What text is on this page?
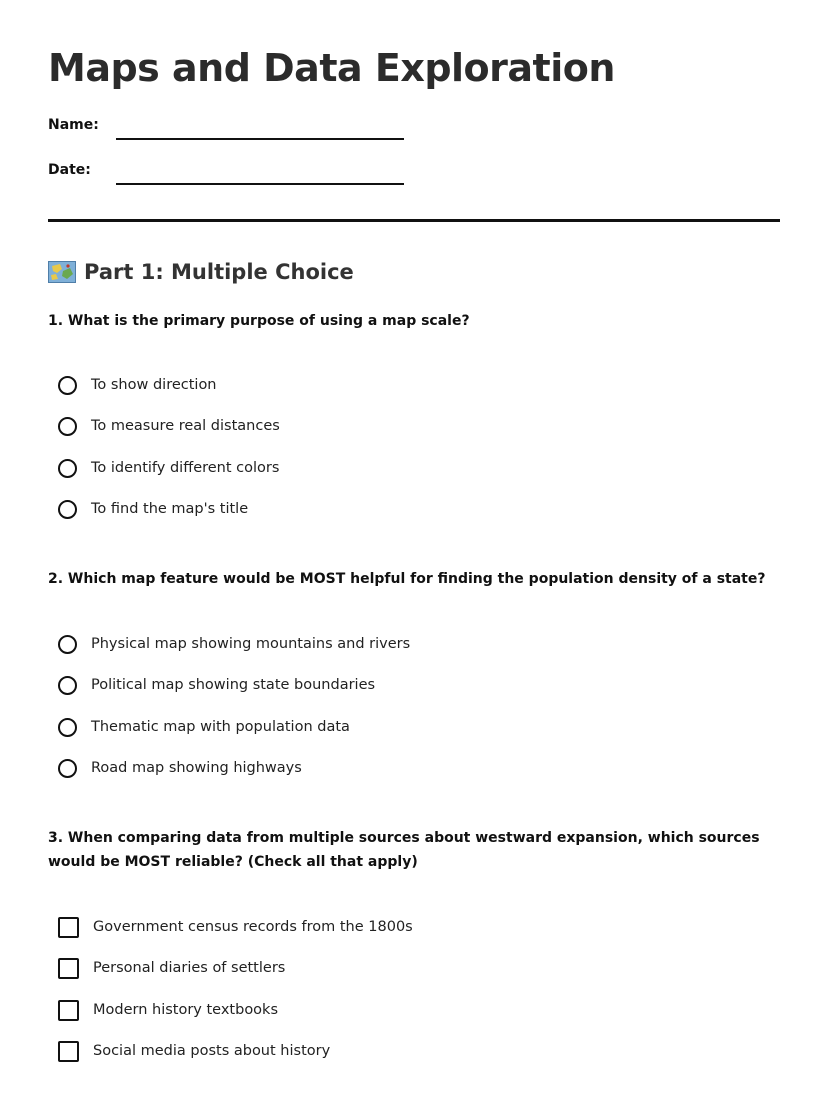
Maps and Data Exploration
Name:
Date:
Part 1: Multiple Choice
1. What is the primary purpose of using a map scale?
To show direction
To measure real distances
To identify different colors
To find the map's title
2. Which map feature would be MOST helpful for finding the population density of a state?
Physical map showing mountains and rivers
Political map showing state boundaries
Thematic map with population data
Road map showing highways
3. When comparing data from multiple sources about westward expansion, which sources would be MOST reliable? (Check all that apply)
Government census records from the 1800s
Personal diaries of settlers
Modern history textbooks
Social media posts about history
